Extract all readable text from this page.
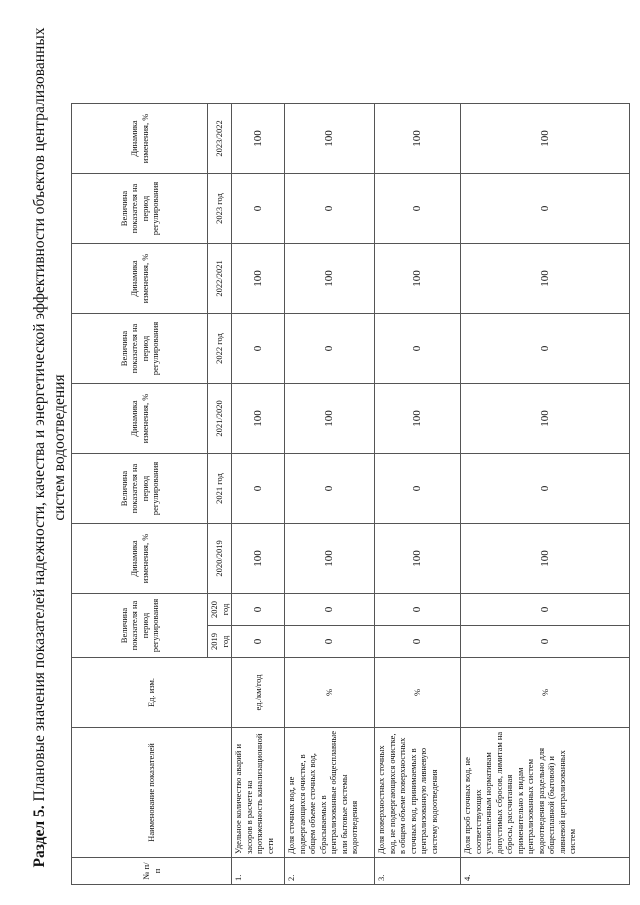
Раздел 5. Плановые значения показателей надежности, качества и энергетической эффективности объектов централизованных систем водоотведения
№ п/п	Наименование показателей	Ед. изм.	Величина показателя на период регулирования		Динамика изменения, %	Величина показателя на период регулирования	Динамика изменения, %	Величина показателя на период регулирования	Динамика изменения, %	Величина показателя на период регулирования	Динамика изменения, %
			2019 год	2020 год	2020/2019	2021 год	2021/2020	2022 год	2022/2021	2023 год	2023/2022
1.	Удельное количество аварий и засоров в расчете на протяженность канализационной сети	ед./км/год	0	0	100	0	100	0	100	0	100
2.	Доля сточных вод, не подвергающихся очистке, в общем объеме сточных вод, сбрасываемых в централизованные общесплавные или бытовые системы водоотведения	%	0	0	100	0	100	0	100	0	100
3.	Доля поверхностных сточных вод, не подвергающихся очистке, в общем объеме поверхностных сточных вод, принимаемых в централизованную ливневую систему водоотведения	%	0	0	100	0	100	0	100	0	100
4.	Доля проб сточных вод, не соответствующих установленным нормативам допустимых сбросов, лимитам на сбросы, рассчитанная применительно к видам централизованных систем водоотведения раздельно для общесплавной (бытовой) и ливневой централизованных систем	%	0	0	100	0	100	0	100	0	100
